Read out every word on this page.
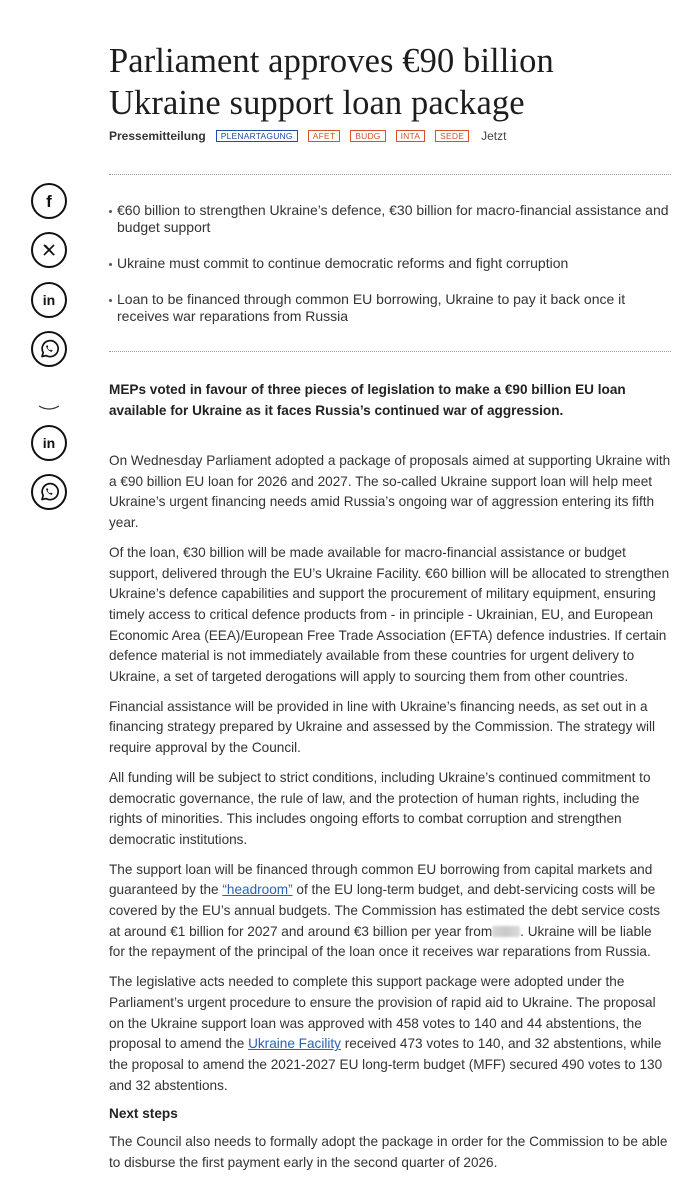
f
in
in
Parliament approves €90 billion Ukraine support loan package
Pressemitteilung	PLENARTAGUNG	AFET	BUDG	INTA	SEDE	Jetzt
€60 billion to strengthen Ukraine’s defence, €30 billion for macro-financial assistance and budget support
Ukraine must commit to continue democratic reforms and fight corruption
Loan to be financed through common EU borrowing, Ukraine to pay it back once it receives war reparations from Russia
MEPs voted in favour of three pieces of legislation to make a €90 billion EU loan available for Ukraine as it faces Russia’s continued war of aggression.

On Wednesday Parliament adopted a package of proposals aimed at supporting Ukraine with a €90 billion EU loan for 2026 and 2027. The so-called Ukraine support loan will help meet Ukraine’s urgent financing needs amid Russia’s ongoing war of aggression entering its fifth year.

Of the loan, €30 billion will be made available for macro-financial assistance or budget support, delivered through the EU’s Ukraine Facility. €60 billion will be allocated to strengthen Ukraine’s defence capabilities and support the procurement of military equipment, ensuring timely access to critical defence products from - in principle - Ukrainian, EU, and European Economic Area (EEA)/European Free Trade Association (EFTA) defence industries. If certain defence material is not immediately available from these countries for urgent delivery to Ukraine, a set of targeted derogations will apply to sourcing them from other countries.

Financial assistance will be provided in line with Ukraine’s financing needs, as set out in a financing strategy prepared by Ukraine and assessed by the Commission. The strategy will require approval by the Council.

All funding will be subject to strict conditions, including Ukraine’s continued commitment to democratic governance, the rule of law, and the protection of human rights, including the rights of minorities. This includes ongoing efforts to combat corruption and strengthen democratic institutions.

The support loan will be financed through common EU borrowing from capital markets and guaranteed by the “headroom” of the EU long-term budget, and debt-servicing costs will be covered by the EU’s annual budgets. The Commission has estimated the debt service costs at around €1 billion for 2027 and around €3 billion per year from . Ukraine will be liable for the repayment of the principal of the loan once it receives war reparations from Russia.

The legislative acts needed to complete this support package were adopted under the Parliament’s urgent procedure to ensure the provision of rapid aid to Ukraine. The proposal on the Ukraine support loan was approved with 458 votes to 140 and 44 abstentions, the proposal to amend the Ukraine Facility received 473 votes to 140, and 32 abstentions, while the proposal to amend the 2021-2027 EU long-term budget (MFF) secured 490 votes to 130 and 32 abstentions.

Next steps

The Council also needs to formally adopt the package in order for the Commission to be able to disburse the first payment early in the second quarter of 2026.
